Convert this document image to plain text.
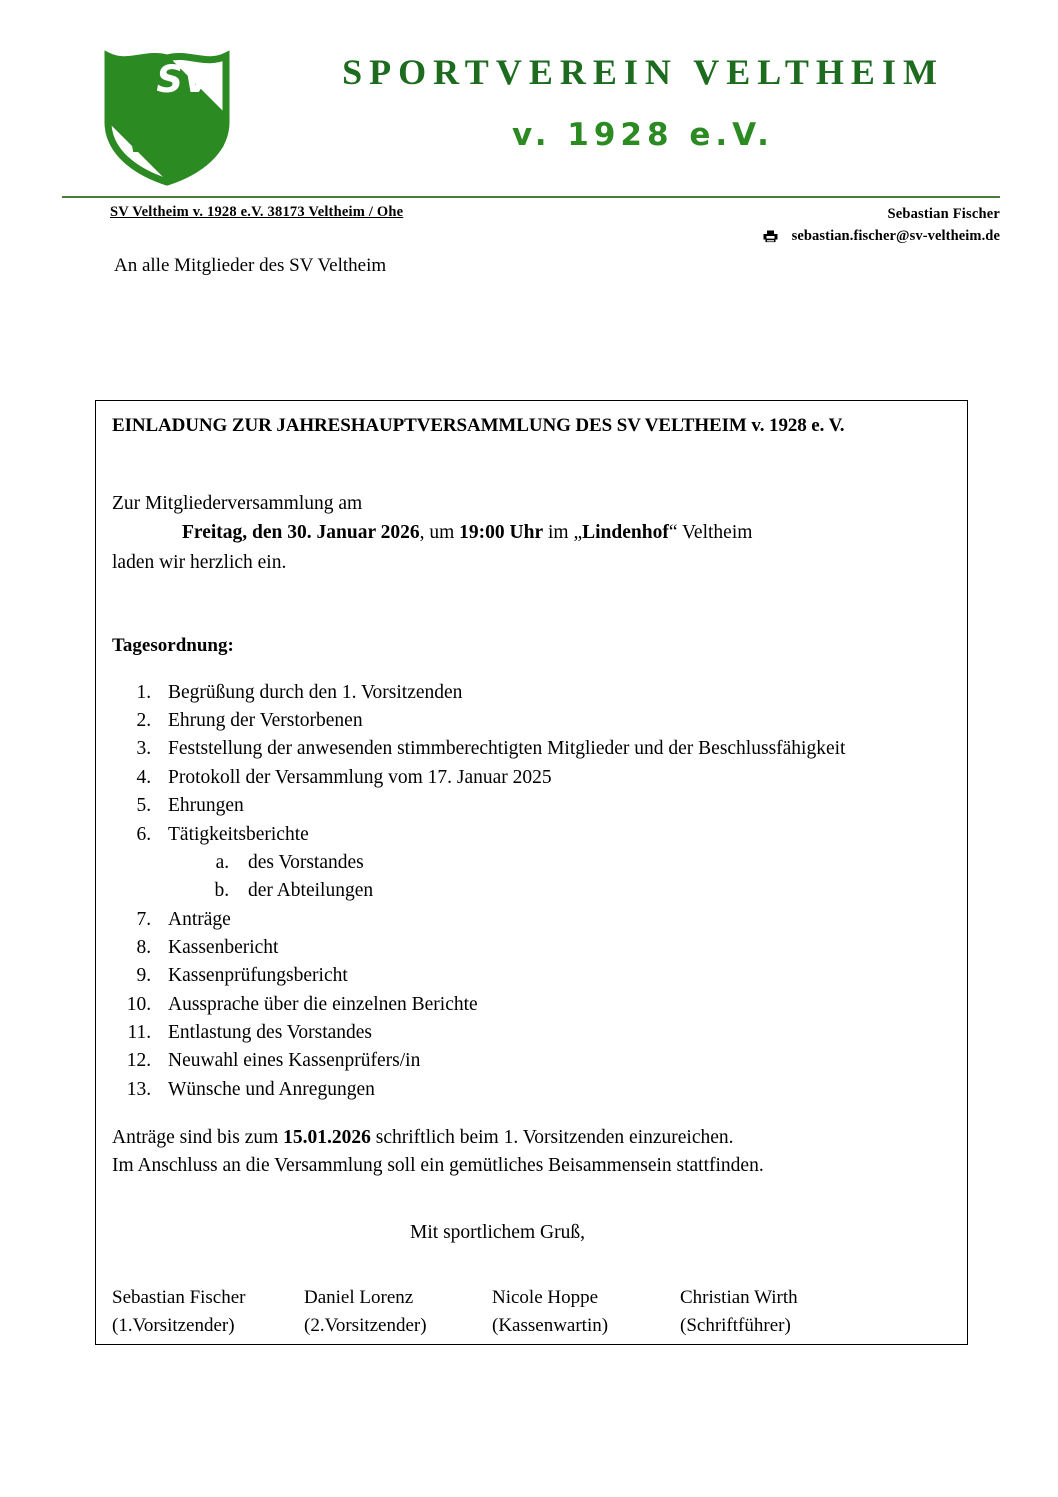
SV
V
1928
SPORTVEREIN VELTHEIM
v. 1928 e.V.
SV Veltheim v. 1928 e.V. 38173 Veltheim / Ohe	Sebastian Fischer
sebastian.fischer@sv-veltheim.de
An alle Mitglieder des SV Veltheim
EINLADUNG ZUR JAHRESHAUPTVERSAMMLUNG DES SV VELTHEIM v. 1928 e. V.
Zur Mitgliederversammlung am
Freitag, den 30. Januar 2026, um 19:00 Uhr im „Lindenhof“ Veltheim
laden wir herzlich ein.
Tagesordnung:
1. Begrüßung durch den 1. Vorsitzenden
2. Ehrung der Verstorbenen
3. Feststellung der anwesenden stimmberechtigten Mitglieder und der Beschlussfähigkeit
4. Protokoll der Versammlung vom 17. Januar 2025
5. Ehrungen
6. Tätigkeitsberichte
a. des Vorstandes
b. der Abteilungen
7. Anträge
8. Kassenbericht
9. Kassenprüfungsbericht
10. Aussprache über die einzelnen Berichte
11. Entlastung des Vorstandes
12. Neuwahl eines Kassenprüfers/in
13. Wünsche und Anregungen
Anträge sind bis zum 15.01.2026 schriftlich beim 1. Vorsitzenden einzureichen.
Im Anschluss an die Versammlung soll ein gemütliches Beisammensein stattfinden.
Mit sportlichem Gruß,
Sebastian Fischer
(1.Vorsitzender)
Daniel Lorenz
(2.Vorsitzender)
Nicole Hoppe
(Kassenwartin)
Christian Wirth
(Schriftführer)
